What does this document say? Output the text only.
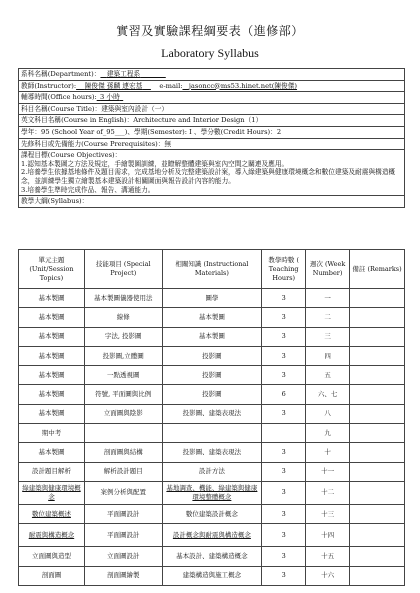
實習及實驗課程綱要表（進修部）
Laboratory Syllabus
系科名稱(Department)： 建築工程系
教師(Instructor): 陳俊傑 孫麟 連宏基	e-mail: jasoncc@ms53.hinet.net(陳俊傑)
輔導時間(Office hours):_3 小時_
科目名稱(Course Title)：建築與室內設計（一）
英文科目名稱(Course in English)：Architecture and Interior Design（1）
學年：95 (School Year of_95___)、學期(Semester): I 、學分數(Credit Hours)：2
先修科目或先備能力(Course Prerequisites)：無
課程目標(Course Objectives)：
1.認知基本製圖之方法及規定，手繪製圖訓練，並瞭解整體建築與室內空間之關連及應用。
2.培養學生依據基地條件及題目需求，完成基地分析及完整建築設計案，導入綠建築與健康環境概念和數位建築及耐震與構造概念，並訓練學生獨立繪製基本建築設計相關圖面與報告設計內容的能力。
3.培養學生準時完成作品、報告、溝通能力。
教學大綱(Syllabus)：
單元主題 (Unit/Session Topics)	技能項目 (Special Project)	相關知識 (Instructional Materials)	教學時數 ( Teaching Hours)	週次 (Week Number)	備註 (Remarks)
基本製圖	基本製圖儀器使用法	圖學	3	一	
基本製圖	線條	基本製圖	3	二	
基本製圖	字法, 投影圖	基本製圖	3	三	
基本製圖	投影圖,立體圖	投影圖	3	四	
基本製圖	一點透視圖	投影圖	3	五	
基本製圖	符號, 平面圖與比例	投影圖	6	六、七	
基本製圖	立面圖與陰影	投影圖、建築表現法	3	八	
期中考				九	
基本製圖	剖面圖與結構	投影圖、建築表現法	3	十	
設計題目解析	解析設計題目	設計方法	3	十一	
綠建築與健康環境概念	案例分析與配置	基地調查、機能、綠建築與健康環境整體概念	3	十二	
數位建築概述	平面圖設計	數位建築設計概念	3	十三	
耐震與構造概念	平面圖設計	設計概念與耐震與構造概念	3	十四	
立面圖與造型	立面圖設計	基本設計、建築構造概念	3	十五	
剖面圖	剖面圖繪製	建築構造與施工概念	3	十六	
